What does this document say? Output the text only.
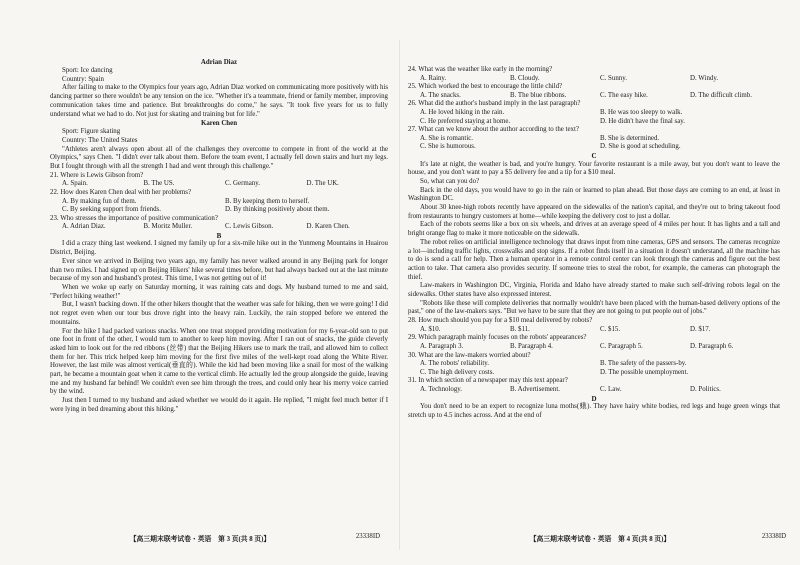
Adrian Diaz

Sport: Ice dancing

Country: Spain

After failing to make to the Olympics four years ago, Adrian Diaz worked on communicating more positively with his dancing partner so there wouldn't be any tension on the ice. "Whether it's a teammate, friend or family member, improving communication takes time and patience. But breakthroughs do come," he says. "It took five years for us to fully understand what we had to do. Not just for skating and training but for life."

Karen Chen

Sport: Figure skating

Country: The United States

"Athletes aren't always open about all of the challenges they overcome to compete in front of the world at the Olympics," says Chen. "I didn't ever talk about them. Before the team event, I actually fell down stairs and hurt my legs. But I fought through with all the strength I had and went through this challenge."

21. Where is Lewis Gibson from?

A. Spain.	B. The US.	C. Germany.	D. The UK.

22. How does Karen Chen deal with her problems?

A. By making fun of them.	B. By keeping them to herself.
C. By seeking support from friends.	D. By thinking positively about them.

23. Who stresses the importance of positive communication?

A. Adrian Diaz.	B. Moritz Muller.	C. Lewis Gibson.	D. Karen Chen.

B

I did a crazy thing last weekend. I signed my family up for a six-mile hike out in the Yunmeng Mountains in Huairou District, Beijing.

Ever since we arrived in Beijing two years ago, my family has never walked around in any Beijing park for longer than two miles. I had signed up on Beijing Hikers' hike several times before, but had always backed out at the last minute because of my son and husband's protest. This time, I was not getting out of it!

When we woke up early on Saturday morning, it was raining cats and dogs. My husband turned to me and said, "Perfect hiking weather!"

But, I wasn't backing down. If the other hikers thought that the weather was safe for hiking, then we were going! I did not regret even when our tour bus drove right into the heavy rain. Luckily, the rain stopped before we entered the mountains.

For the hike I had packed various snacks. When one treat stopped providing motivation for my 6-year-old son to put one foot in front of the other, I would turn to another to keep him moving. After I ran out of snacks, the guide cleverly asked him to look out for the red ribbons (丝带) that the Beijing Hikers use to mark the trail, and allowed him to collect them for her. This trick helped keep him moving for the first five miles of the well-kept road along the White River. However, the last mile was almost vertical(垂直的). While the kid had been moving like a snail for most of the walking part, he became a mountain goat when it came to the vertical climb. He actually led the group alongside the guide, leaving me and my husband far behind! We couldn't even see him through the trees, and could only hear his merry voice carried by the wind.

Just then I turned to my husband and asked whether we would do it again. He replied, "I might feel much better if I were lying in bed dreaming about this hiking."

【高三期末联考试卷・英语　第 3 页(共 8 页)】	23338ID

24. What was the weather like early in the morning?

A. Rainy.	B. Cloudy.	C. Sunny.	D. Windy.

25. Which worked the best to encourage the little child?

A. The snacks.	B. The blue ribbons.	C. The easy hike.	D. The difficult climb.

26. What did the author's husband imply in the last paragraph?

A. He loved hiking in the rain.	B. He was too sleepy to walk.
C. He preferred staying at home.	D. He didn't have the final say.

27. What can we know about the author according to the text?

A. She is romantic.	B. She is determined.
C. She is humorous.	D. She is good at scheduling.

C

It's late at night, the weather is bad, and you're hungry. Your favorite restaurant is a mile away, but you don't want to leave the house, and you don't want to pay a $5 delivery fee and a tip for a $10 meal.

So, what can you do?

Back in the old days, you would have to go in the rain or learned to plan ahead. But those days are coming to an end, at least in Washington DC.

About 30 knee-high robots recently have appeared on the sidewalks of the nation's capital, and they're out to bring takeout food from restaurants to hungry customers at home—while keeping the delivery cost to just a dollar.

Each of the robots seems like a box on six wheels, and drives at an average speed of 4 miles per hour. It has lights and a tall and bright orange flag to make it more noticeable on the sidewalk.

The robot relies on artificial intelligence technology that draws input from nine cameras, GPS and sensors. The cameras recognize a lot—including traffic lights, crosswalks and stop signs. If a robot finds itself in a situation it doesn't understand, all the machine has to do is send a call for help. Then a human operator in a remote control center can look through the cameras and figure out the best action to take. That camera also provides security. If someone tries to steal the robot, for example, the cameras can photograph the thief.

Law-makers in Washington DC, Virginia, Florida and Idaho have already started to make such self-driving robots legal on the sidewalks. Other states have also expressed interest.

"Robots like these will complete deliveries that normally wouldn't have been placed with the human-based delivery options of the past," one of the law-makers says. "But we have to be sure that they are not going to put people out of jobs."

28. How much should you pay for a $10 meal delivered by robots?

A. $10.	B. $11.	C. $15.	D. $17.

29. Which paragraph mainly focuses on the robots' appearances?

A. Paragraph 3.	B. Paragraph 4.	C. Paragraph 5.	D. Paragraph 6.

30. What are the law-makers worried about?

A. The robots' reliability.	B. The safety of the passers-by.
C. The high delivery costs.	D. The possible unemployment.

31. In which section of a newspaper may this text appear?

A. Technology.	B. Advertisement.	C. Law.	D. Politics.

D

You don't need to be an expert to recognize luna moths(蛾). They have hairy white bodies, red legs and huge green wings that stretch up to 4.5 inches across. And at the end of

【高三期末联考试卷・英语　第 4 页(共 8 页)】	23338ID
